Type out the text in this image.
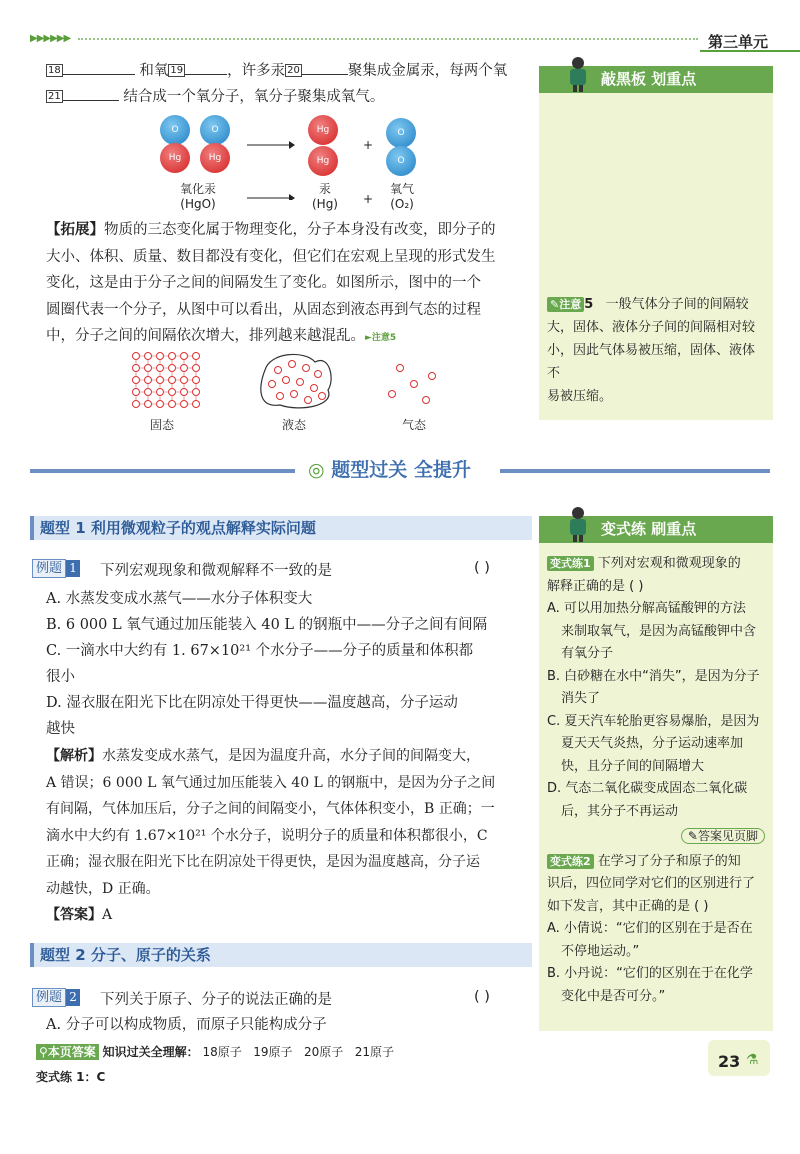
▶▶▶▶▶▶	第三单元
18	和氧 19	，许多汞 20	聚集成金属汞，每两个氧
21	结合成一个氧分子，氧分子聚集成氧气。
O
Hg
O
Hg
Hg
Hg
+
O
O
氧化汞
(HgO)
汞
(Hg)	+
氧气
(O₂)
【拓展】物质的三态变化属于物理变化，分子本身没有改变，即分子的
大小、体积、质量、数目都没有变化，但它们在宏观上呈现的形式发生
变化，这是由于分子之间的间隔发生了变化。如图所示，图中的一个
圆圈代表一个分子，从图中可以看出，从固态到液态再到气态的过程
中，分子之间的间隔依次增大，排列越来越混乱。►注意5
固态	液态	气态
敲黑板 划重点
✎注意 5 一般气体分子间的间隔较
大，固体、液体分子间的间隔相对较
小，因此气体易被压缩，固体、液体不
易被压缩。
◎ 题型过关 全提升
题型 1 利用微观粒子的观点解释实际问题
例题 1 下列宏观现象和微观解释不一致的是	( )
A. 水蒸发变成水蒸气——水分子体积变大
B. 6 000 L 氧气通过加压能装入 40 L 的钢瓶中——分子之间有间隔
C. 一滴水中大约有 1. 67×10²¹ 个水分子——分子的质量和体积都
很小
D. 湿衣服在阳光下比在阴凉处干得更快——温度越高，分子运动
越快
【解析】水蒸发变成水蒸气，是因为温度升高，水分子间的间隔变大，
A 错误；6 000 L 氧气通过加压能装入 40 L 的钢瓶中，是因为分子之间
有间隔，气体加压后，分子之间的间隔变小，气体体积变小，B 正确；一
滴水中大约有 1.67×10²¹ 个水分子，说明分子的质量和体积都很小，C
正确；湿衣服在阳光下比在阴凉处干得更快，是因为温度越高，分子运
动越快，D 正确。
【答案】A
题型 2 分子、原子的关系
例题 2 下列关于原子、分子的说法正确的是	( )
A. 分子可以构成物质，而原子只能构成分子
变式练 刷重点
变式练1 下列对宏观和微观现象的
解释正确的是 ( )
A. 可以用加热分解高锰酸钾的方法
来制取氧气，是因为高锰酸钾中含
有氧分子
B. 白砂糖在水中“消失”，是因为分子
消失了
C. 夏天汽车轮胎更容易爆胎，是因为
夏天天气炎热，分子运动速率加
快，且分子间的间隔增大
D. 气态二氧化碳变成固态二氧化碳
后，其分子不再运动
✎答案见页脚
变式练2 在学习了分子和原子的知
识后，四位同学对它们的区别进行了
如下发言，其中正确的是 ( )
A. 小倩说：“它们的区别在于是否在
不停地运动。”
B. 小丹说：“它们的区别在于在化学
变化中是否可分。”
⚲本页答案 知识过关全理解： 18原子 19原子 20原子 21原子
变式练 1：C
23 ⚗
